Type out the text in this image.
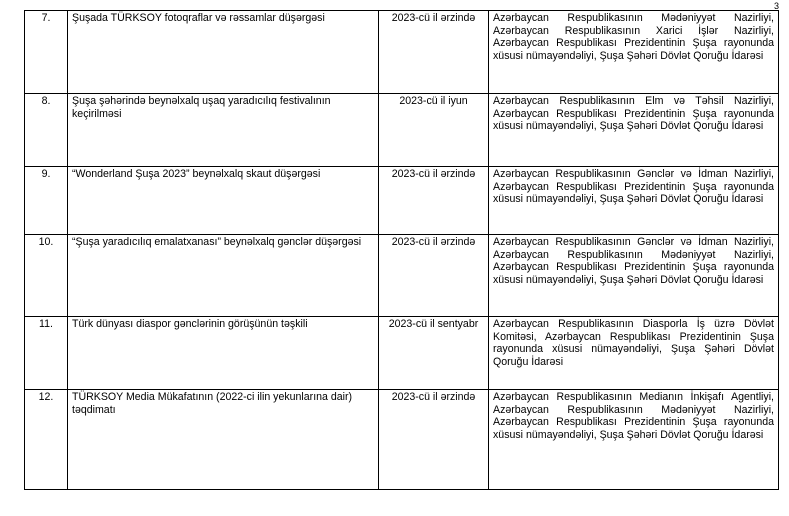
3
7.	Şuşada TÜRKSOY fotoqraflar və rəssamlar düşərgəsi	2023-cü il ərzində	Azərbaycan Respublikasının Mədəniyyət Nazirliyi, Azərbaycan Respublikasının Xarici İşlər Nazirliyi, Azərbaycan Respublikası Prezidentinin Şuşa rayonunda xüsusi nümayəndəliyi, Şuşa Şəhəri Dövlət Qoruğu İdarəsi
8.	Şuşa şəhərində beynəlxalq uşaq yaradıcılıq festivalının keçirilməsi	2023-cü il iyun	Azərbaycan Respublikasının Elm və Təhsil Nazirliyi, Azərbaycan Respublikası Prezidentinin Şuşa rayonunda xüsusi nümayəndəliyi, Şuşa Şəhəri Dövlət Qoruğu İdarəsi
9.	“Wonderland Şuşa 2023” beynəlxalq skaut düşərgəsi	2023-cü il ərzində	Azərbaycan Respublikasının Gənclər və İdman Nazirliyi, Azərbaycan Respublikası Prezidentinin Şuşa rayonunda xüsusi nümayəndəliyi, Şuşa Şəhəri Dövlət Qoruğu İdarəsi
10.	“Şuşa yaradıcılıq emalatxanası” beynəlxalq gənclər düşərgəsi	2023-cü il ərzində	Azərbaycan Respublikasının Gənclər və İdman Nazirliyi, Azərbaycan Respublikasının Mədəniyyət Nazirliyi, Azərbaycan Respublikası Prezidentinin Şuşa rayonunda xüsusi nümayəndəliyi, Şuşa Şəhəri Dövlət Qoruğu İdarəsi
11.	Türk dünyası diaspor gənclərinin görüşünün təşkili	2023-cü il sentyabr	Azərbaycan Respublikasının Diasporla İş üzrə Dövlət Komitəsi, Azərbaycan Respublikası Prezidentinin Şuşa rayonunda xüsusi nümayəndəliyi, Şuşa Şəhəri Dövlət Qoruğu İdarəsi
12.	TÜRKSOY Media Mükafatının (2022-ci ilin yekunlarına dair) təqdimatı	2023-cü il ərzində	Azərbaycan Respublikasının Medianın İnkişafı Agentliyi, Azərbaycan Respublikasının Mədəniyyət Nazirliyi, Azərbaycan Respublikası Prezidentinin Şuşa rayonunda xüsusi nümayəndəliyi, Şuşa Şəhəri Dövlət Qoruğu İdarəsi
